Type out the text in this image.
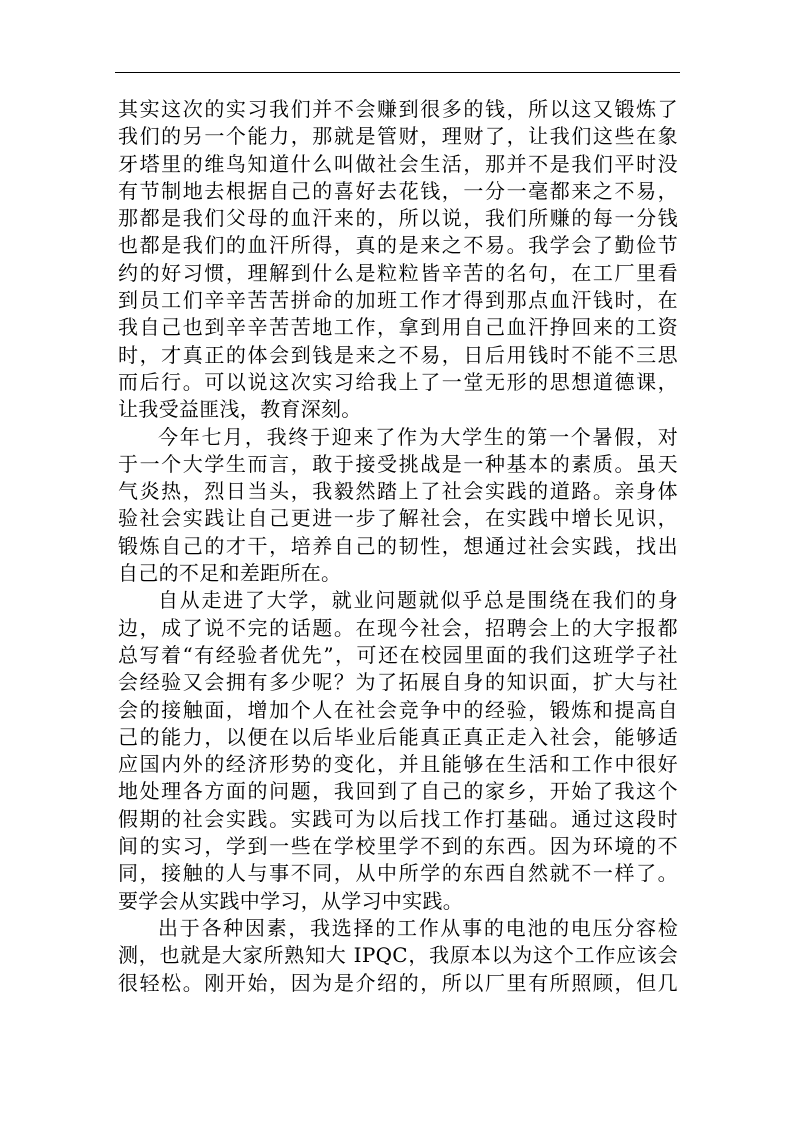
其实这次的实习我们并不会赚到很多的钱，所以这又锻炼了
我们的另一个能力，那就是管财，理财了，让我们这些在象
牙塔里的维鸟知道什么叫做社会生活，那并不是我们平时没
有节制地去根据自己的喜好去花钱，一分一毫都来之不易，
那都是我们父母的血汗来的，所以说，我们所赚的每一分钱
也都是我们的血汗所得，真的是来之不易。我学会了勤俭节
约的好习惯，理解到什么是粒粒皆辛苦的名句，在工厂里看
到员工们辛辛苦苦拼命的加班工作才得到那点血汗钱时，在
我自己也到辛辛苦苦地工作，拿到用自己血汗挣回来的工资
时，才真正的体会到钱是来之不易，日后用钱时不能不三思
而后行。可以说这次实习给我上了一堂无形的思想道德课，
让我受益匪浅，教育深刻。
今年七月，我终于迎来了作为大学生的第一个暑假，对
于一个大学生而言，敢于接受挑战是一种基本的素质。虽天
气炎热，烈日当头，我毅然踏上了社会实践的道路。亲身体
验社会实践让自己更进一步了解社会，在实践中增长见识，
锻炼自己的才干，培养自己的韧性，想通过社会实践，找出
自己的不足和差距所在。
自从走进了大学，就业问题就似乎总是围绕在我们的身
边，成了说不完的话题。在现今社会，招聘会上的大字报都
总写着“有经验者优先”，可还在校园里面的我们这班学子社
会经验又会拥有多少呢？为了拓展自身的知识面，扩大与社
会的接触面，增加个人在社会竞争中的经验，锻炼和提高自
己的能力，以便在以后毕业后能真正真正走入社会，能够适
应国内外的经济形势的变化，并且能够在生活和工作中很好
地处理各方面的问题，我回到了自己的家乡，开始了我这个
假期的社会实践。实践可为以后找工作打基础。通过这段时
间的实习，学到一些在学校里学不到的东西。因为环境的不
同，接触的人与事不同，从中所学的东西自然就不一样了。
要学会从实践中学习，从学习中实践。
出于各种因素，我选择的工作从事的电池的电压分容检
测，也就是大家所熟知大 IPQC，我原本以为这个工作应该会
很轻松。刚开始，因为是介绍的，所以厂里有所照顾，但几
